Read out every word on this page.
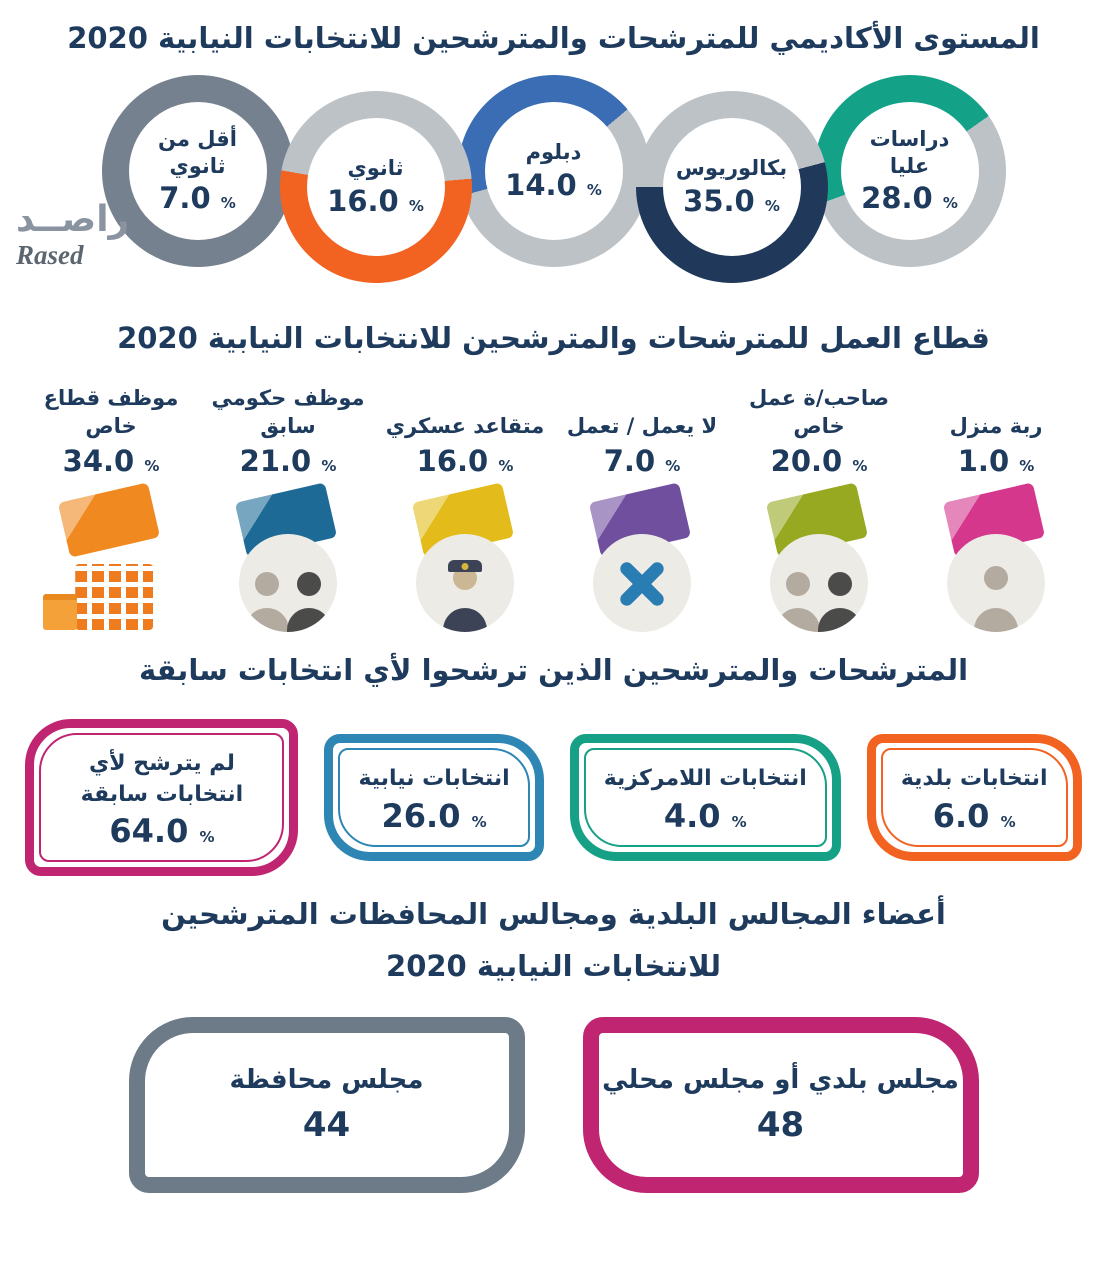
المستوى الأكاديمي للمترشحات والمترشحين للانتخابات النيابية 2020
دراسات عليا
28.0 %
بكالوريوس
35.0 %
دبلوم
14.0 %
ثانوي
16.0 %
أقل من ثانوي
7.0 %
راصــد
Rased
قطاع العمل للمترشحات والمترشحين للانتخابات النيابية 2020
ربة منزل
1.0 %
صاحب/ة عمل خاص
20.0 %
لا يعمل / تعمل
7.0 %
متقاعد عسكري
16.0 %
موظف حكومي سابق
21.0 %
موظف قطاع خاص
34.0 %
المترشحات والمترشحين الذين ترشحوا لأي انتخابات سابقة
انتخابات بلدية
6.0 %
انتخابات اللامركزية
4.0 %
انتخابات نيابية
26.0 %
لم يترشح لأي انتخابات سابقة
64.0 %
أعضاء المجالس البلدية ومجالس المحافظات المترشحين
للانتخابات النيابية 2020
مجلس بلدي أو مجلس محلي
48
مجلس محافظة
44
